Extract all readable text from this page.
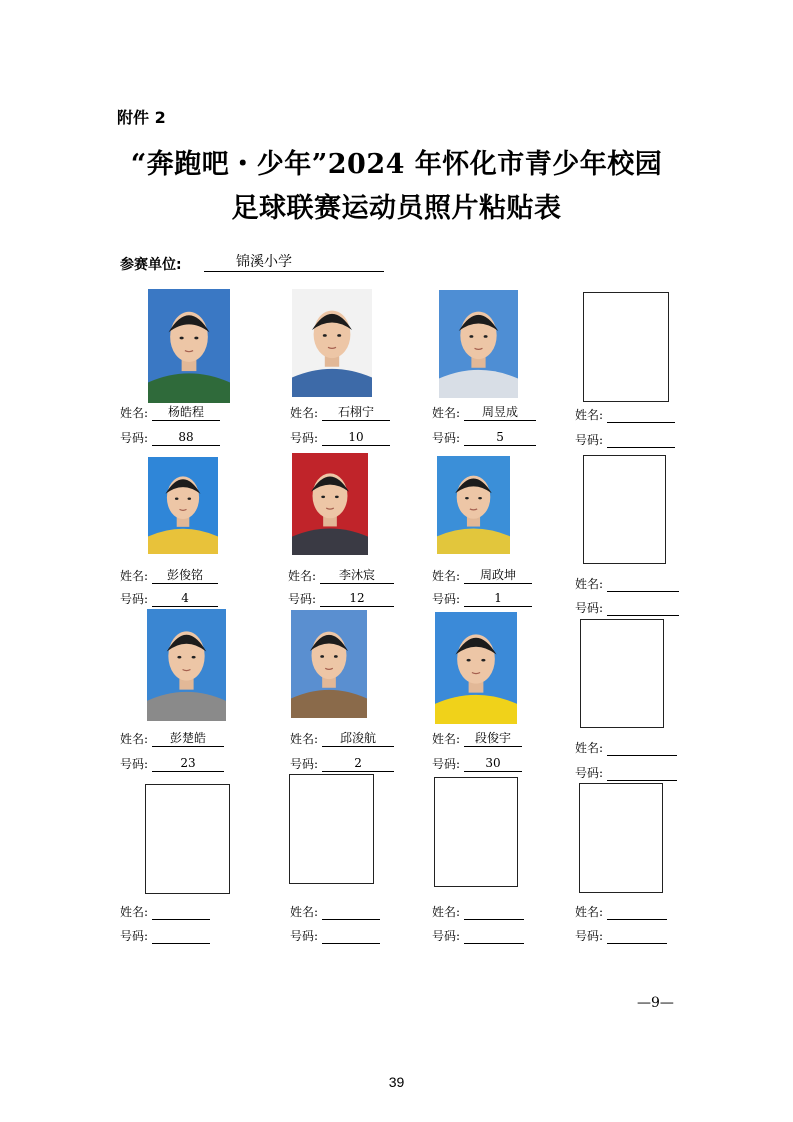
附件 2
“奔跑吧・少年”2024 年怀化市青少年校园
足球联赛运动员照片粘贴表
参赛单位:	锦溪小学
姓名: 杨皓程
号码:	88
姓名: 石栩宁
号码:	10
姓名: 周昱成
号码:	5
姓名:
号码:
姓名: 彭俊铭
号码:	4
姓名: 李沐宸
号码:	12
姓名: 周政坤
号码:	1
姓名:
号码:
姓名: 彭楚皓
号码:	23
姓名: 邱浚航
号码:	2
姓名: 段俊宇
号码: 30
姓名:
号码:
姓名:
号码:
姓名:
号码:
姓名:
号码:
姓名:
号码:
—9—
39
